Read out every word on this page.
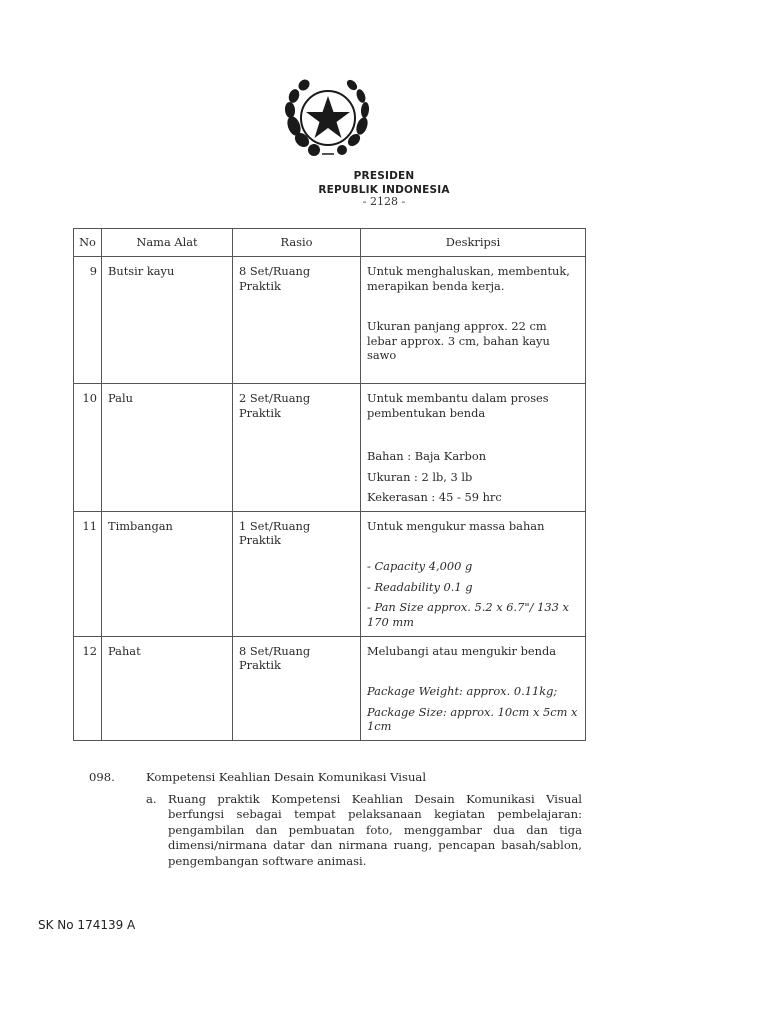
PRESIDEN
REPUBLIK INDONESIA
- 2128 -
No	Nama Alat	Rasio	Deskripsi
9	Butsir kayu	8 Set/Ruang Praktik	Untuk menghaluskan, membentuk, merapikan benda kerja.
Ukuran panjang approx. 22 cm lebar approx. 3 cm, bahan kayu sawo

10	Palu	2 Set/Ruang Praktik	Untuk membantu dalam proses pembentukan benda
Bahan : Baja Karbon
Ukuran : 2 lb, 3 lb
Kekerasan : 45 - 59 hrc

11	Timbangan	1 Set/Ruang Praktik	Untuk mengukur massa bahan
- Capacity 4,000 g
- Readability 0.1 g
- Pan Size approx. 5.2 x 6.7"/ 133 x 170 mm

12	Pahat	8 Set/Ruang Praktik	Melubangi atau mengukir benda
Package Weight: approx. 0.11kg;
Package Size: approx. 10cm x 5cm x 1cm
098.	Kompetensi Keahlian Desain Komunikasi Visual
a. Ruang praktik Kompetensi Keahlian Desain Komunikasi Visual berfungsi sebagai tempat pelaksanaan kegiatan pembelajaran: pengambilan dan pembuatan foto, menggambar dua dan tiga dimensi/nirmana datar dan nirmana ruang, pencapan basah/sablon, pengembangan software animasi.
SK No 174139 A
